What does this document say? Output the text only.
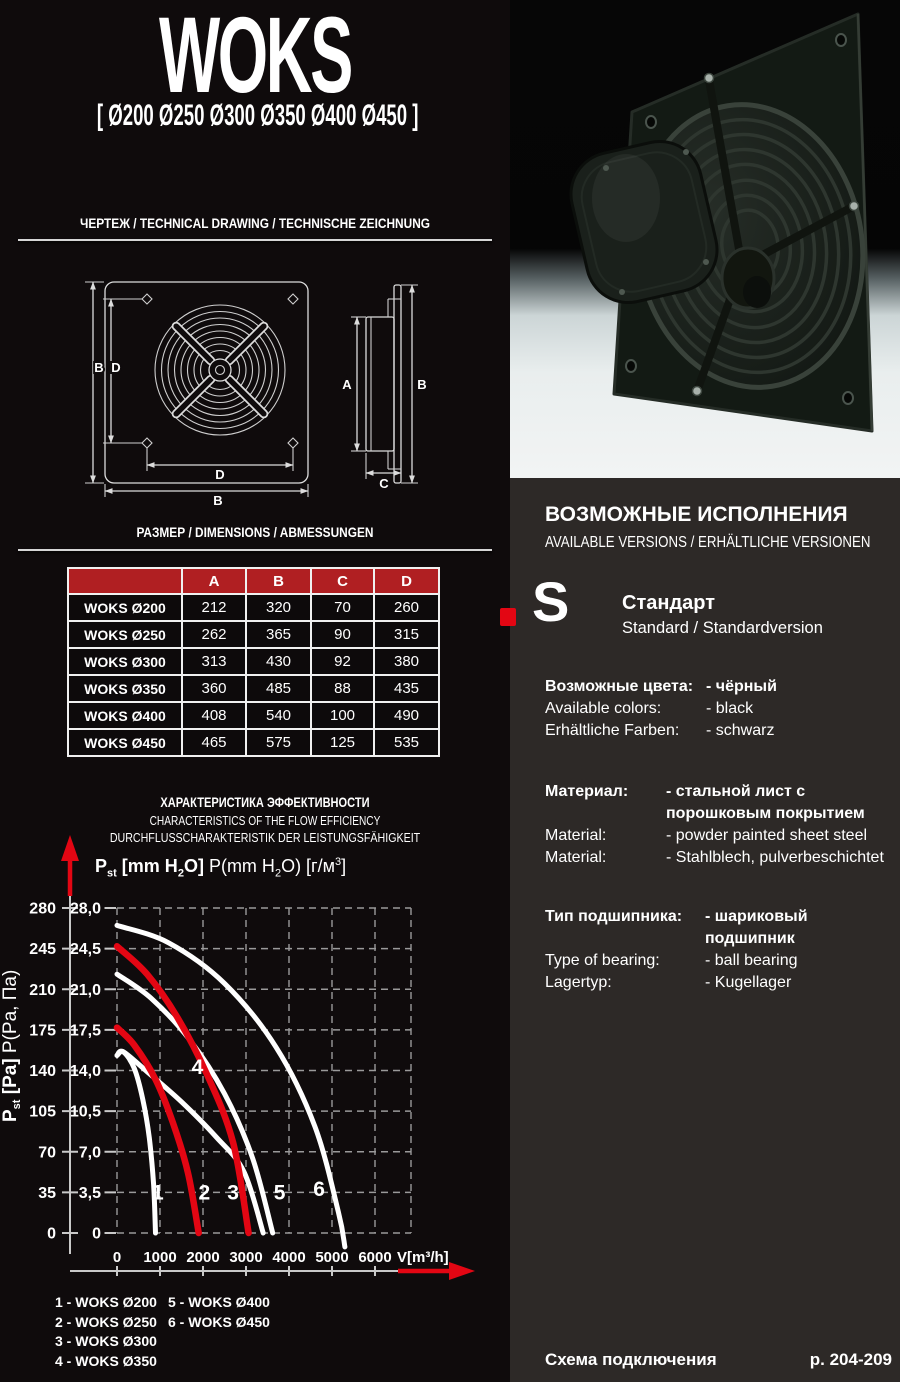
WOKS
[ Ø200 Ø250 Ø300 Ø350 Ø400 Ø450 ]
ЧЕРТЕЖ / TECHNICAL DRAWING / TECHNISCHE ZEICHNUNG
B D
D
B
A	B
C
РАЗМЕР / DIMENSIONS / ABMESSUNGEN
	A	B	C	D
WOKS Ø200	212	320	70	260
WOKS Ø250	262	365	90	315
WOKS Ø300	313	430	92	380
WOKS Ø350	360	485	88	435
WOKS Ø400	408	540	100	490
WOKS Ø450	465	575	125	535
ХАРАКТЕРИСТИКА ЭФФЕКТИВНОСТИ
CHARACTERISTICS OF THE FLOW EFFICIENCY
DURCHFLUSSCHARAKTERISTIK DER LEISTUNGSFÄHIGKEIT
$P_{st}$ [mm $H_2O$] P(mm $H_2O$) $[г/м^3]$
$P_{st}$ [Pa] P(Pa, Па)
280 28,0
245 24,5
210 21,0
175 17,5
140 14,0
105 10,5
70 7,0
35 3,5
0 0
0 1000 2000 3000 4000 5000 6000 V[m³/h]
1 2 3
4
5 6
1 - WOKS Ø200
2 - WOKS Ø250
3 - WOKS Ø300
4 - WOKS Ø350
5 - WOKS Ø400
6 - WOKS Ø450
ВОЗМОЖНЫЕ ИСПОЛНЕНИЯ
AVAILABLE VERSIONS / ERHÄLTLICHE VERSIONEN
S	Стандарт
Standard / Standardversion
Возможные цвета: - чёрный
Available colors:	- black
Erhältliche Farben:	- schwarz
Материал:	- стальной лист с порошковым покрытием
Material:	- powder painted sheet steel
Material:	- Stahlblech, pulverbeschichtet
Тип подшипника:	- шариковый подшипник
Type of bearing:	- ball bearing
Lagertyp:	- Kugellager
Схема подключения	p. 204-209
